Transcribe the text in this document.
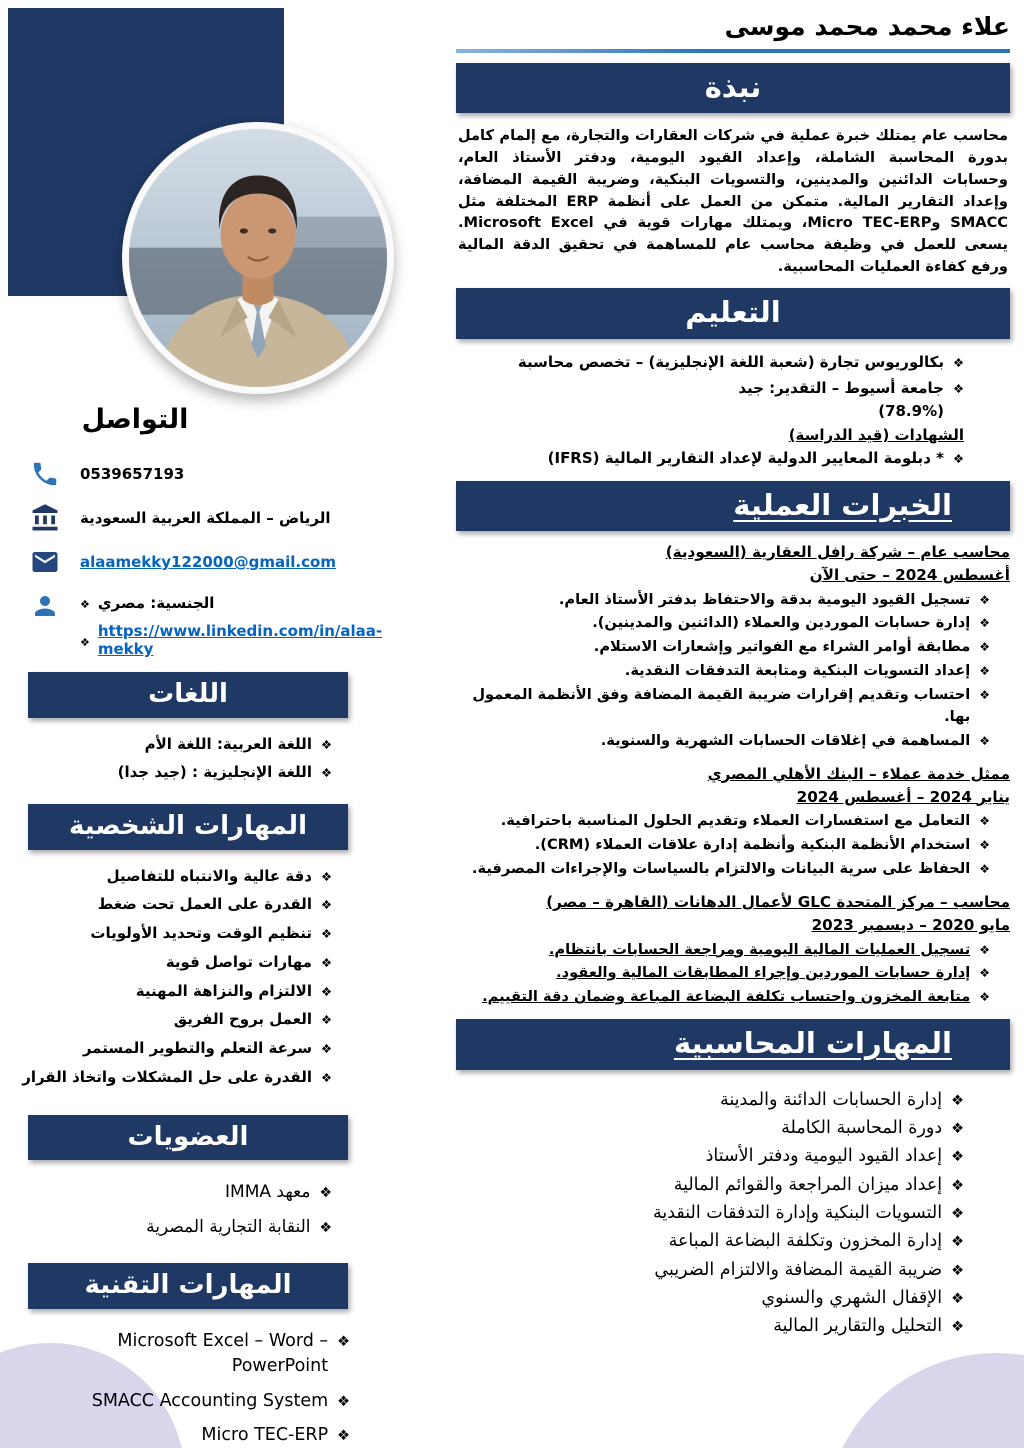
علاء محمد محمد موسى
نبذة

محاسب عام يمتلك خبرة عملية في شركات العقارات والتجارة، مع إلمام كامل بدورة المحاسبة الشاملة، وإعداد القيود اليومية، ودفتر الأستاذ العام، وحسابات الدائنين والمدينين، والتسويات البنكية، وضريبة القيمة المضافة، وإعداد التقارير المالية. متمكن من العمل على أنظمة ERP المختلفة مثل SMACC وMicro TEC-ERP، ويمتلك مهارات قوية في Microsoft Excel. يسعى للعمل في وظيفة محاسب عام للمساهمة في تحقيق الدقة المالية ورفع كفاءة العمليات المحاسبية.

التعليم
❖
بكالوريوس تجارة (شعبة اللغة الإنجليزية) – تخصص محاسبة
❖
جامعة أسيوط – التقدير: جيد
(78.9%)
الشهادات (قيد الدراسة)
❖
* دبلومة المعايير الدولية لإعداد التقارير المالية (IFRS)
الخبرات العملية
محاسب عام – شركة رافل العقارية (السعودية)
أغسطس 2024 – حتى الآن
❖
تسجيل القيود اليومية بدقة والاحتفاظ بدفتر الأستاذ العام.
❖
إدارة حسابات الموردين والعملاء (الدائنين والمدينين).
❖
مطابقة أوامر الشراء مع الفواتير وإشعارات الاستلام.
❖
إعداد التسويات البنكية ومتابعة التدفقات النقدية.
❖
احتساب وتقديم إقرارات ضريبة القيمة المضافة وفق الأنظمة المعمول بها.
❖
المساهمة في إغلاقات الحسابات الشهرية والسنوية.
ممثل خدمة عملاء – البنك الأهلي المصري
يناير 2024 – أغسطس 2024
❖
التعامل مع استفسارات العملاء وتقديم الحلول المناسبة باحترافية.
❖
استخدام الأنظمة البنكية وأنظمة إدارة علاقات العملاء (CRM).
❖
الحفاظ على سرية البيانات والالتزام بالسياسات والإجراءات المصرفية.
محاسب – مركز المتحدة GLC لأعمال الدهانات (القاهرة – مصر)
مايو 2020 – ديسمبر 2023
❖
تسجيل العمليات المالية اليومية ومراجعة الحسابات بانتظام.
❖
إدارة حسابات الموردين وإجراء المطابقات المالية والعقود.
❖
متابعة المخزون واحتساب تكلفة البضاعة المباعة وضمان دقة التقييم.
المهارات المحاسبية
❖
إدارة الحسابات الدائنة والمدينة
❖
دورة المحاسبة الكاملة
❖
إعداد القيود اليومية ودفتر الأستاذ
❖
إعداد ميزان المراجعة والقوائم المالية
❖
التسويات البنكية وإدارة التدفقات النقدية
❖
إدارة المخزون وتكلفة البضاعة المباعة
❖
ضريبة القيمة المضافة والالتزام الضريبي
❖
الإقفال الشهري والسنوي
❖
التحليل والتقارير المالية
التواصل
0539657193
الرياض – المملكة العربية السعودية
alaamekky122000@gmail.com
❖
الجنسية: مصري
❖
https://www.linkedin.com/in/alaa-mekky
اللغات
❖
اللغة العربية: اللغة الأم
❖
اللغة الإنجليزية : (جيد جدا)
المهارات الشخصية
❖
دقة عالية والانتباه للتفاصيل
❖
القدرة على العمل تحت ضغط
❖
تنظيم الوقت وتحديد الأولويات
❖
مهارات تواصل قوية
❖
الالتزام والنزاهة المهنية
❖
العمل بروح الفريق
❖
سرعة التعلم والتطوير المستمر
❖
القدرة على حل المشكلات واتخاذ القرار
العضويات
❖
معهد IMMA
❖
النقابة التجارية المصرية
المهارات التقنية
❖
Microsoft Excel – Word – PowerPoint
❖
SMACC Accounting System
❖
Micro TEC-ERP
